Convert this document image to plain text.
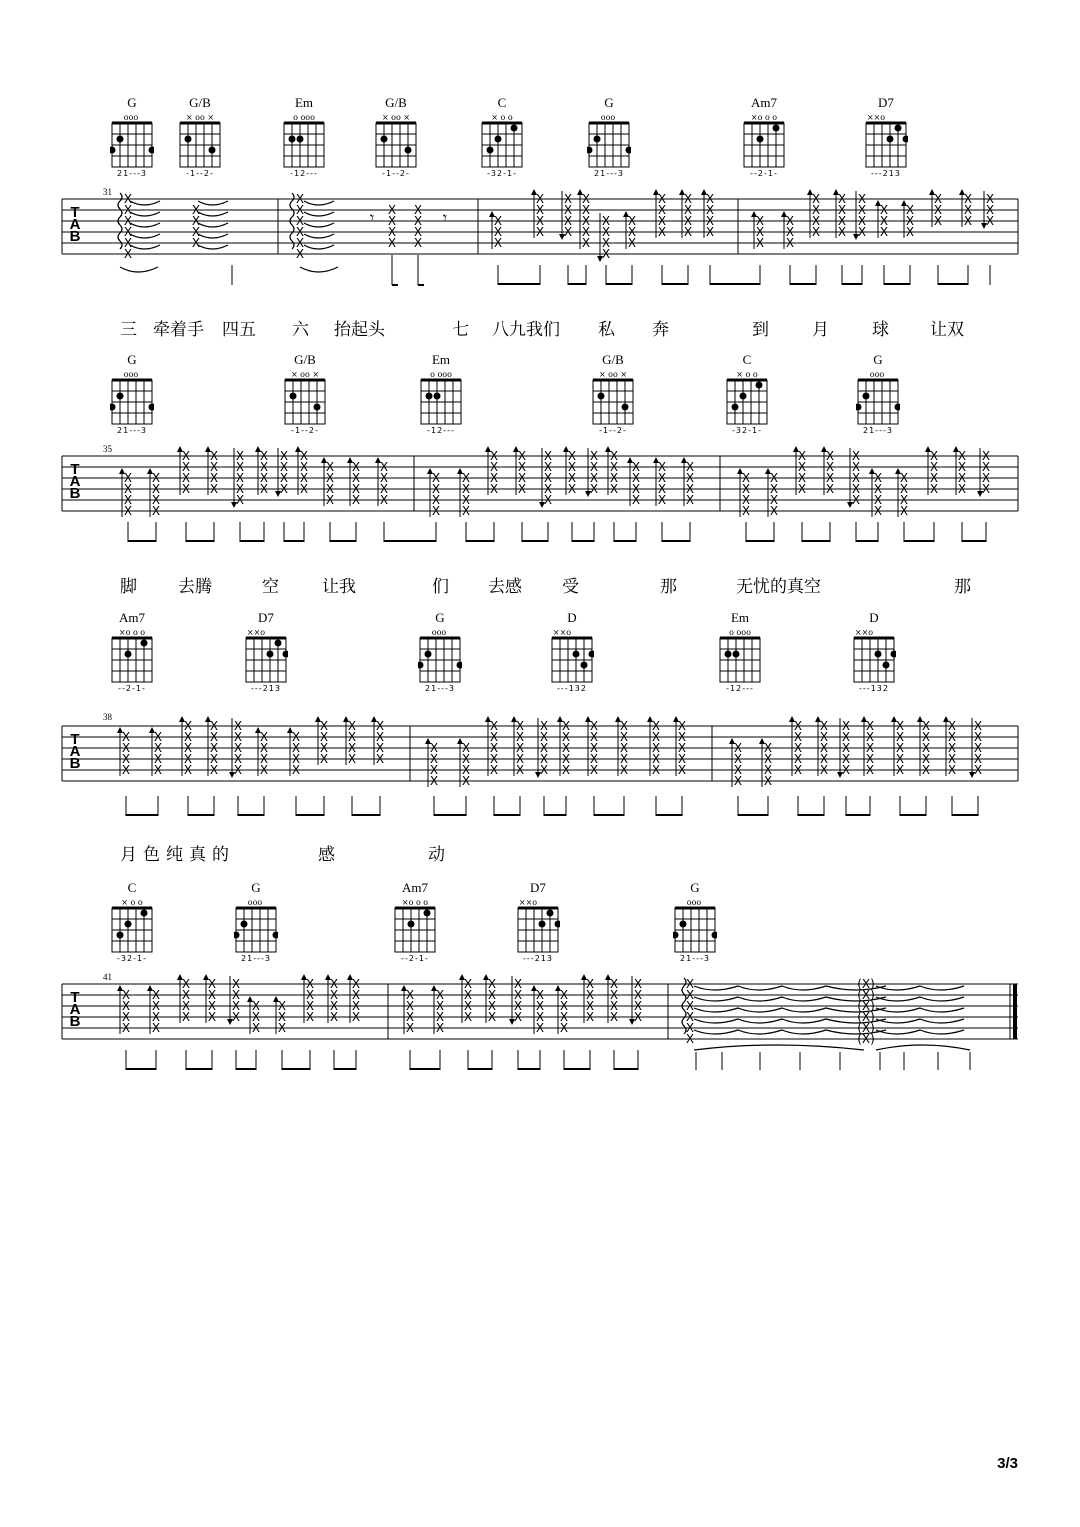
G
ooo
21---3
G/B
× oo ×
-1--2-
Em
o ooo
-12---
G/B
× oo ×
-1--2-
C
× o o
-32-1-
G
ooo
21---3
Am7
×o o o
--2-1-
D7
××o
---213
31
T
A
B
X
X
X
X
X
X
X
X
X
X
X
X
X
X
X
X
X
X
X
X
X
X
X
X
𝄾	𝄾	X
X
X
X
X
X
X
X
X
X
X
X
X
X
X
X
X
X
X
X
X
X
X
X
X
X
X
X
X
X
X
X
X
X
X
X
X
X
X
X
X
X
X
X
X
X
X
X
X
X
X
X
X
X
X
X
X
X
X
X
X
X
X
X
X
X
X
X
三 牵着手 四五 六 抬起头	七 八九我们 私 奔	到	月	球 让双
G
ooo
21---3
G/B
× oo ×
-1--2-
Em
o ooo
-12---
G/B
× oo ×
-1--2-
C
× o o
-32-1-
G
ooo
21---3
35
T
A
B
X
X
X
X
X
X
X
X
X
X
X
X
X
X
X
X
X
X
X
X
X
X
X
X
X
X
X
X
X
X
X
X
X
X
X
X
X
X
X
X
X
X
X
X
X
X
X
X
X
X
X
X
X
X
X
X
X
X
X
X
X
X
X
X
X
X
X
X
X
X
X
X
X
X
X
X
X
X
X
X
X
X
X
X
X
X
X
X
X
X
X
X
X
X
X
X
X
X
X
X
X
X
X
X
X
X
X
X
X
X
X
X
X
X
X
X
X
X
X
X
X
X
X
X
X
X
X
X
X
X
X
脚 去腾	空	让我	们 去感 受	那	无忧的真空	那
Am7
×o o o
--2-1-
D7
××o
---213
G
ooo
21---3
D
××o
---132
Em
o ooo
-12---
D
××o
---132
38
T
A
B
X
X
X
X
X
X
X
X
X
X
X
X
X
X
X
X
X
X
X
X
X
X
X
X
X
X
X
X
X
X
X
X
X
X
X
X
X
X
X
X
X
X
X
X
X
X
X
X
X
X
X
X
X
X
X
X
X
X
X
X
X
X
X
X
X
X
X
X
X
X
X
X
X
X
X
X
X
X
X
X
X
X
X
X
X
X
X
X
X
X
X
X
X
X
X
X
X
X
X
X
X
X
X
X
X
X
X
X
X
X
X
X
X
X
X
X
X
X
X
X
X
X
X
X
X
X
X
X
X
X
X
X
X
X
X
X
X
X
X
月色纯真的	感	动
C
× o o
-32-1-
G
ooo
21---3
Am7
×o o o
--2-1-
D7
××o
---213
G
ooo
21---3
41
T
A
B
X
X
X
X
X
X
(X)
(X)
(X)
(X)
(X)
(X)
X
X
X
X
X
X
X
X
X
X
X
X
X
X
X
X
X
X
X
X
X
X
X
X
X
X
X
X
X
X
X
X
X
X
X
X
X
X
X
X
X
X
X
X
X
X
X
X
X
X
X
X
X
X
X
X
X
X
X
X
X
X
X
X
X
X
X
X
X
X
X
X
X
X
X
X
X
X
3/3
